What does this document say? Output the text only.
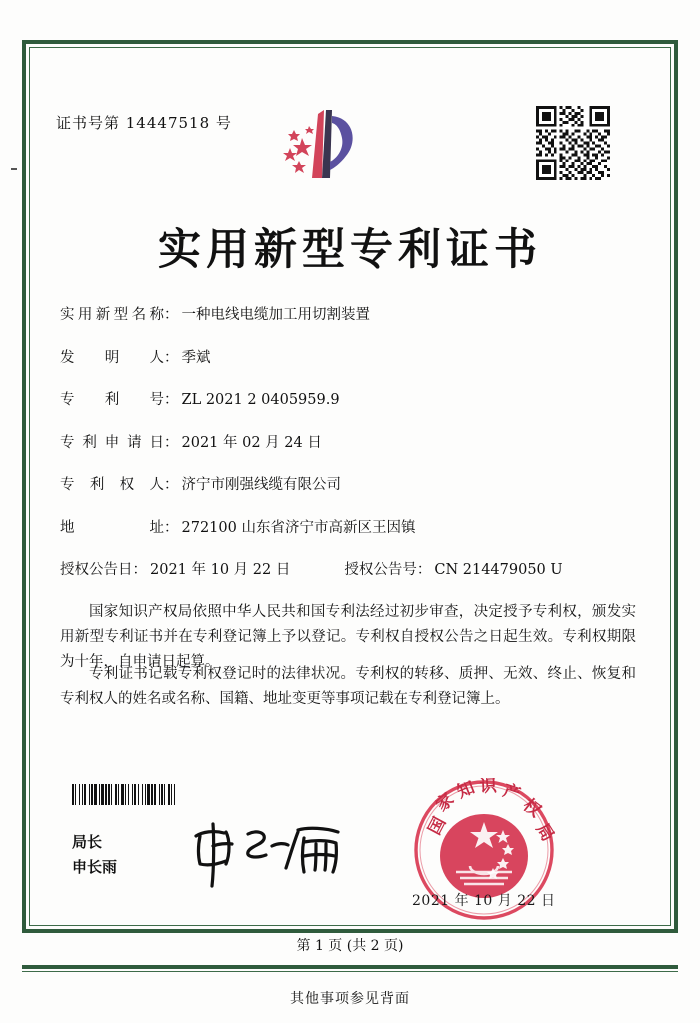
证书号第 14447518 号
实用新型专利证书
实 用 新 型 名 称 ： 一种电线电缆加工用切割装置
发 明 人 ： 季斌
专 利 号 ： ZL 2021 2 0405959.9
专 利 申 请 日 ： 2021 年 02 月 24 日
专 利 权 人 ： 济宁市刚强线缆有限公司
地	址 ： 272100 山东省济宁市高新区王因镇
授权公告日 ： 2021 年 10 月 22 日	授权公告号 ： CN 214479050 U
国家知识产权局依照中华人民共和国专利法经过初步审查，决定授予专利权，颁发实用新型专利证书并在专利登记簿上予以登记。专利权自授权公告之日起生效。专利权期限为十年，自申请日起算。
专利证书记载专利权登记时的法律状况。专利权的转移、质押、无效、终止、恢复和专利权人的姓名或名称、国籍、地址变更等事项记载在专利登记簿上。
局长
申长雨
国
家
知 识 产
权
局
2021 年 10 月 22 日
第 1 页 (共 2 页)
其他事项参见背面
